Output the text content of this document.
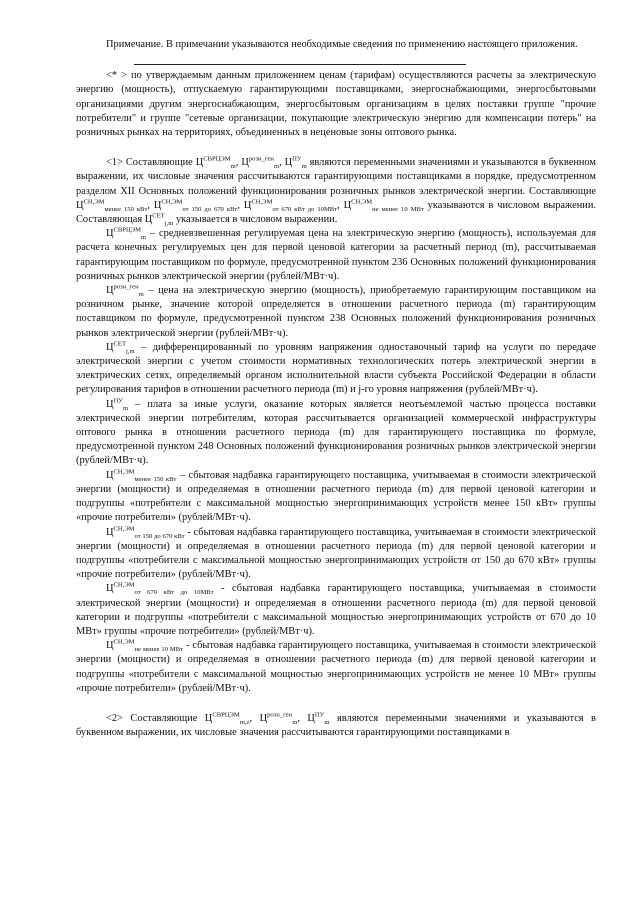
Примечание. В примечании указываются необходимые сведения по применению настоящего приложения.

<* > по утверждаемым данным приложением ценам (тарифам) осуществляются расчеты за электрическую энергию (мощность), отпускаемую гарантирующими поставщиками, энергоснабжающими, энергосбытовыми организациями другим энергоснабжающим, энергосбытовым организациям в целях поставки группе "прочие потребители" и группе "сетевые организации, покупающие электрическую энергию для компенсации потерь" на розничных рынках на территориях, объединенных в неценовые зоны оптового рынка.

<1> Составляющие $Ц^{СВРЦЭМ}_m$, $Ц^{розн\_ген}_m$, $Ц^{ПУ}_m$ являются переменными значениями и указываются в буквенном выражении, их числовые значения рассчитываются гарантирующими поставщиками в порядке, предусмотренном разделом XII Основных положений функционирования розничных рынков электрической энергии. Составляющие $Ц^{СН,ЭМ}_{менее 150 кВт}$, $Ц^{СН,ЭМ}_{от 150 до 670 кВт}$, $Ц^{СН,ЭМ}_{от 670 кВт до 10МВт}$, $Ц^{СН,ЭМ}_{не менее 10 МВт}$ указываются в числовом выражении. Составляющая $Ц^{СЕТ}_{j,m}$ указывается в числовом выражении.

$Ц^{СВРЦЭМ}_m$ – средневзвешенная регулируемая цена на электрическую энергию (мощность), используемая для расчета конечных регулируемых цен для первой ценовой категории за расчетный период (m), рассчитываемая гарантирующим поставщиком по формуле, предусмотренной пунктом 236 Основных положений функционирования розничных рынков электрической энергии (рублей/МВт·ч).

$Ц^{розн\_ген}_m$ – цена на электрическую энергию (мощность), приобретаемую гарантирующим поставщиком на розничном рынке, значение которой определяется в отношении расчетного периода (m) гарантирующим поставщиком по формуле, предусмотренной пунктом 238 Основных положений функционирования розничных рынков электрической энергии (рублей/МВт·ч).

$Ц^{СЕТ}_{j,m}$ – дифференцированный по уровням напряжения одноставочный тариф на услуги по передаче электрической энергии с учетом стоимости нормативных технологических потерь электрической энергии в электрических сетях, определяемый органом исполнительной власти субъекта Российской Федерации в области регулирования тарифов в отношении расчетного периода (m) и j-го уровня напряжения (рублей/МВт·ч).

$Ц^{ПУ}_m$ – плата за иные услуги, оказание которых является неотъемлемой частью процесса поставки электрической энергии потребителям, которая рассчитывается организацией коммерческой инфраструктуры оптового рынка в отношении расчетного периода (m) для гарантирующего поставщика по формуле, предусмотренной пунктом 248 Основных положений функционирования розничных рынков электрической энергии (рублей/МВт·ч).

$Ц^{СН,ЭМ}_{менее 150 кВт}$ – сбытовая надбавка гарантирующего поставщика, учитываемая в стоимости электрической энергии (мощности) и определяемая в отношении расчетного периода (m) для первой ценовой категории и подгруппы «потребители с максимальной мощностью энергопринимающих устройств менее 150 кВт» группы «прочие потребители» (рублей/МВт·ч).

$Ц^{СН,ЭМ}_{от 150 до 670 кВт}$ - сбытовая надбавка гарантирующего поставщика, учитываемая в стоимости электрической энергии (мощности) и определяемая в отношении расчетного периода (m) для первой ценовой категории и подгруппы «потребители с максимальной мощностью энергопринимающих устройств от 150 до 670 кВт» группы «прочие потребители» (рублей/МВт·ч).

$Ц^{СН,ЭМ}_{от 670 кВт до 10МВт}$ - сбытовая надбавка гарантирующего поставщика, учитываемая в стоимости электрической энергии (мощности) и определяемая в отношении расчетного периода (m) для первой ценовой категории и подгруппы «потребители с максимальной мощностью энергопринимающих устройств от 670 до 10 МВт» группы «прочие потребители» (рублей/МВт·ч).

$Ц^{СН,ЭМ}_{не менее 10 МВт}$ - сбытовая надбавка гарантирующего поставщика, учитываемая в стоимости электрической энергии (мощности) и определяемая в отношении расчетного периода (m) для первой ценовой категории и подгруппы «потребители с максимальной мощностью энергопринимающих устройств не менее 10 МВт» группы «прочие потребители» (рублей/МВт·ч).

<2> Составляющие $Ц^{СВРЦЭМ}_{m,z}$, $Ц^{розн\_ген}_m$, $Ц^{ПУ}_m$ являются переменными значениями и указываются в буквенном выражении, их числовые значения рассчитываются гарантирующими поставщиками в
